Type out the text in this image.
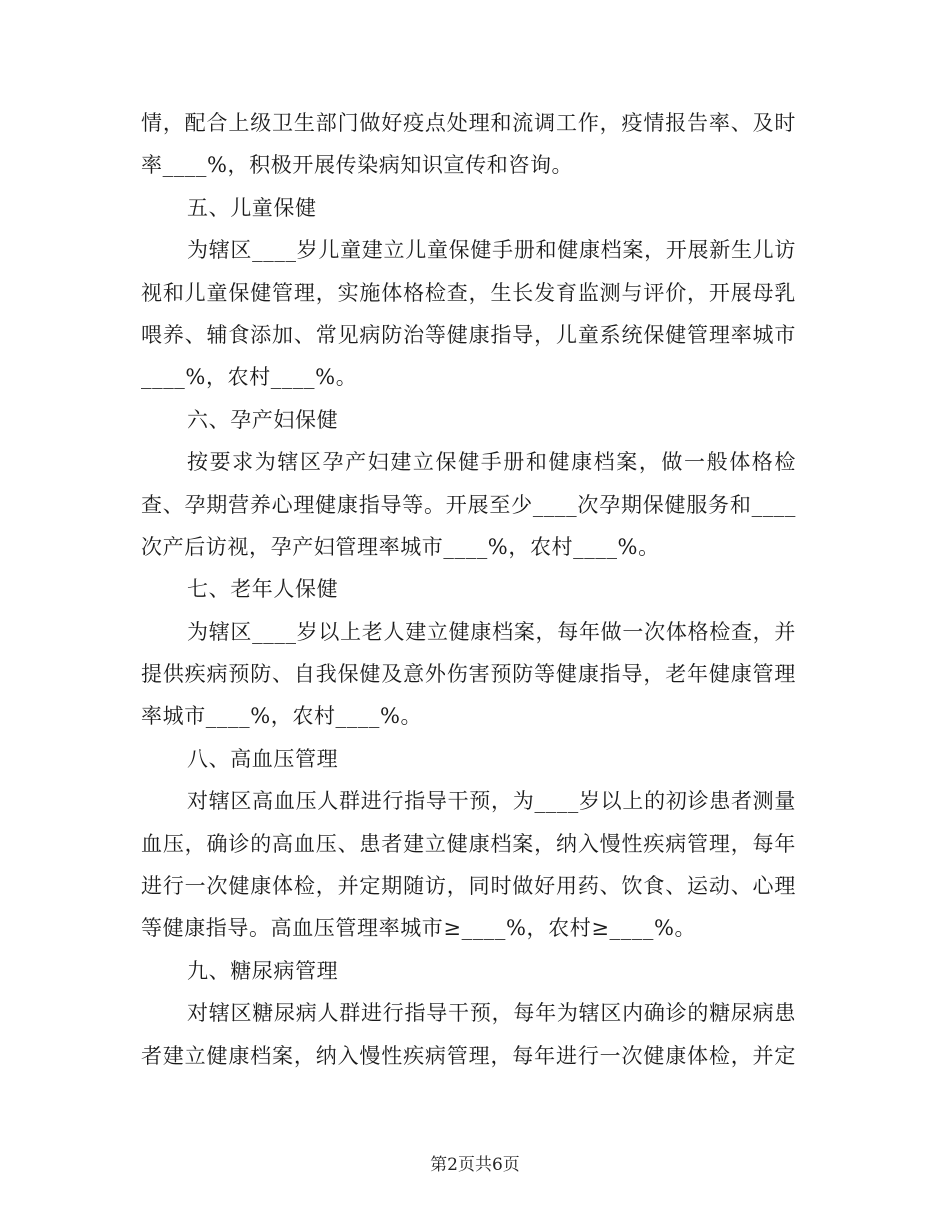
情，配合上级卫生部门做好疫点处理和流调工作，疫情报告率、及时
率____%，积极开展传染病知识宣传和咨询。
五、儿童保健
为辖区____岁儿童建立儿童保健手册和健康档案，开展新生儿访
视和儿童保健管理，实施体格检查，生长发育监测与评价，开展母乳
喂养、辅食添加、常见病防治等健康指导，儿童系统保健管理率城市
____%，农村____%。
六、孕产妇保健
按要求为辖区孕产妇建立保健手册和健康档案，做一般体格检
查、孕期营养心理健康指导等。开展至少____次孕期保健服务和____
次产后访视，孕产妇管理率城市____%，农村____%。
七、老年人保健
为辖区____岁以上老人建立健康档案，每年做一次体格检查，并
提供疾病预防、自我保健及意外伤害预防等健康指导，老年健康管理
率城市____%，农村____%。
八、高血压管理
对辖区高血压人群进行指导干预，为____岁以上的初诊患者测量
血压，确诊的高血压、患者建立健康档案，纳入慢性疾病管理，每年
进行一次健康体检，并定期随访，同时做好用药、饮食、运动、心理
等健康指导。高血压管理率城市≥____%，农村≥____%。
九、糖尿病管理
对辖区糖尿病人群进行指导干预，每年为辖区内确诊的糖尿病患
者建立健康档案，纳入慢性疾病管理，每年进行一次健康体检，并定
第2页共6页
